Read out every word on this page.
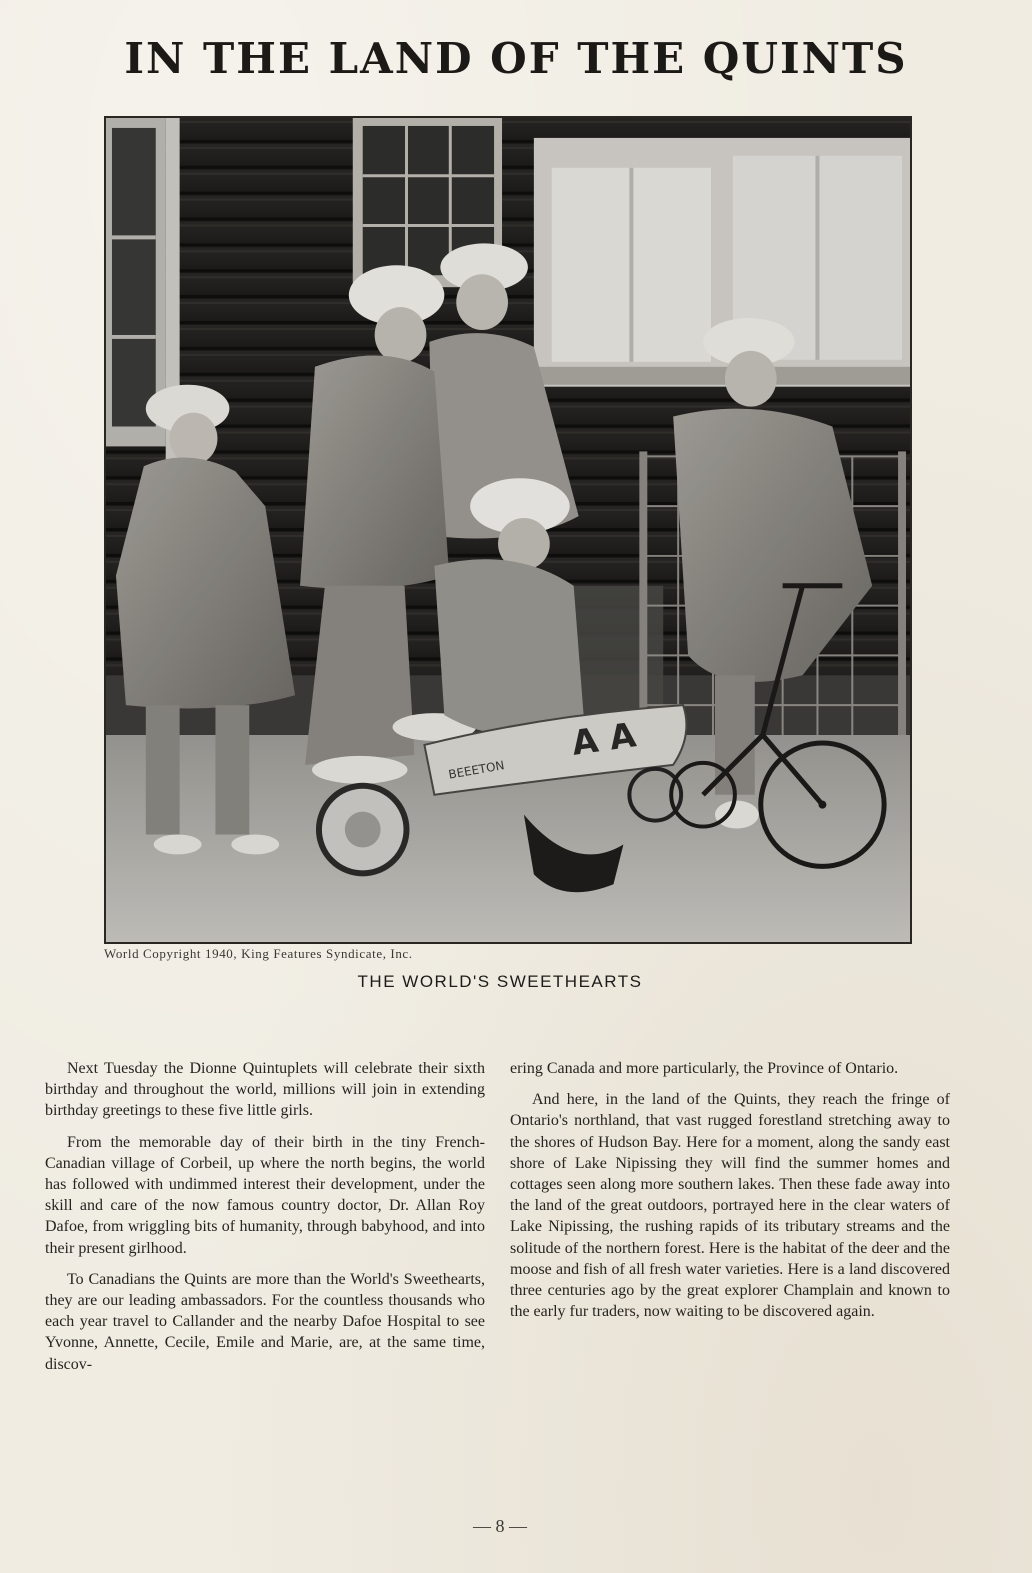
IN THE LAND OF THE QUINTS
A A
BEEETON
World Copyright 1940, King Features Syndicate, Inc.
THE WORLD'S SWEETHEARTS

Next Tuesday the Dionne Quintuplets will celebrate their sixth birthday and throughout the world, millions will join in extending birthday greetings to these five little girls.

From the memorable day of their birth in the tiny French-Canadian village of Corbeil, up where the north begins, the world has followed with undimmed interest their development, under the skill and care of the now famous country doctor, Dr. Allan Roy Dafoe, from wriggling bits of humanity, through babyhood, and into their present girlhood.

To Canadians the Quints are more than the World's Sweethearts, they are our leading ambassadors. For the countless thousands who each year travel to Callander and the nearby Dafoe Hospital to see Yvonne, Annette, Cecile, Emile and Marie, are, at the same time, discov-

ering Canada and more particularly, the Province of Ontario.

And here, in the land of the Quints, they reach the fringe of Ontario's northland, that vast rugged forestland stretching away to the shores of Hudson Bay. Here for a moment, along the sandy east shore of Lake Nipissing they will find the summer homes and cottages seen along more southern lakes. Then these fade away into the land of the great outdoors, portrayed here in the clear waters of Lake Nipissing, the rushing rapids of its tributary streams and the solitude of the northern forest. Here is the habitat of the deer and the moose and fish of all fresh water varieties. Here is a land discovered three centuries ago by the great explorer Champlain and known to the early fur traders, now waiting to be discovered again.

— 8 —
